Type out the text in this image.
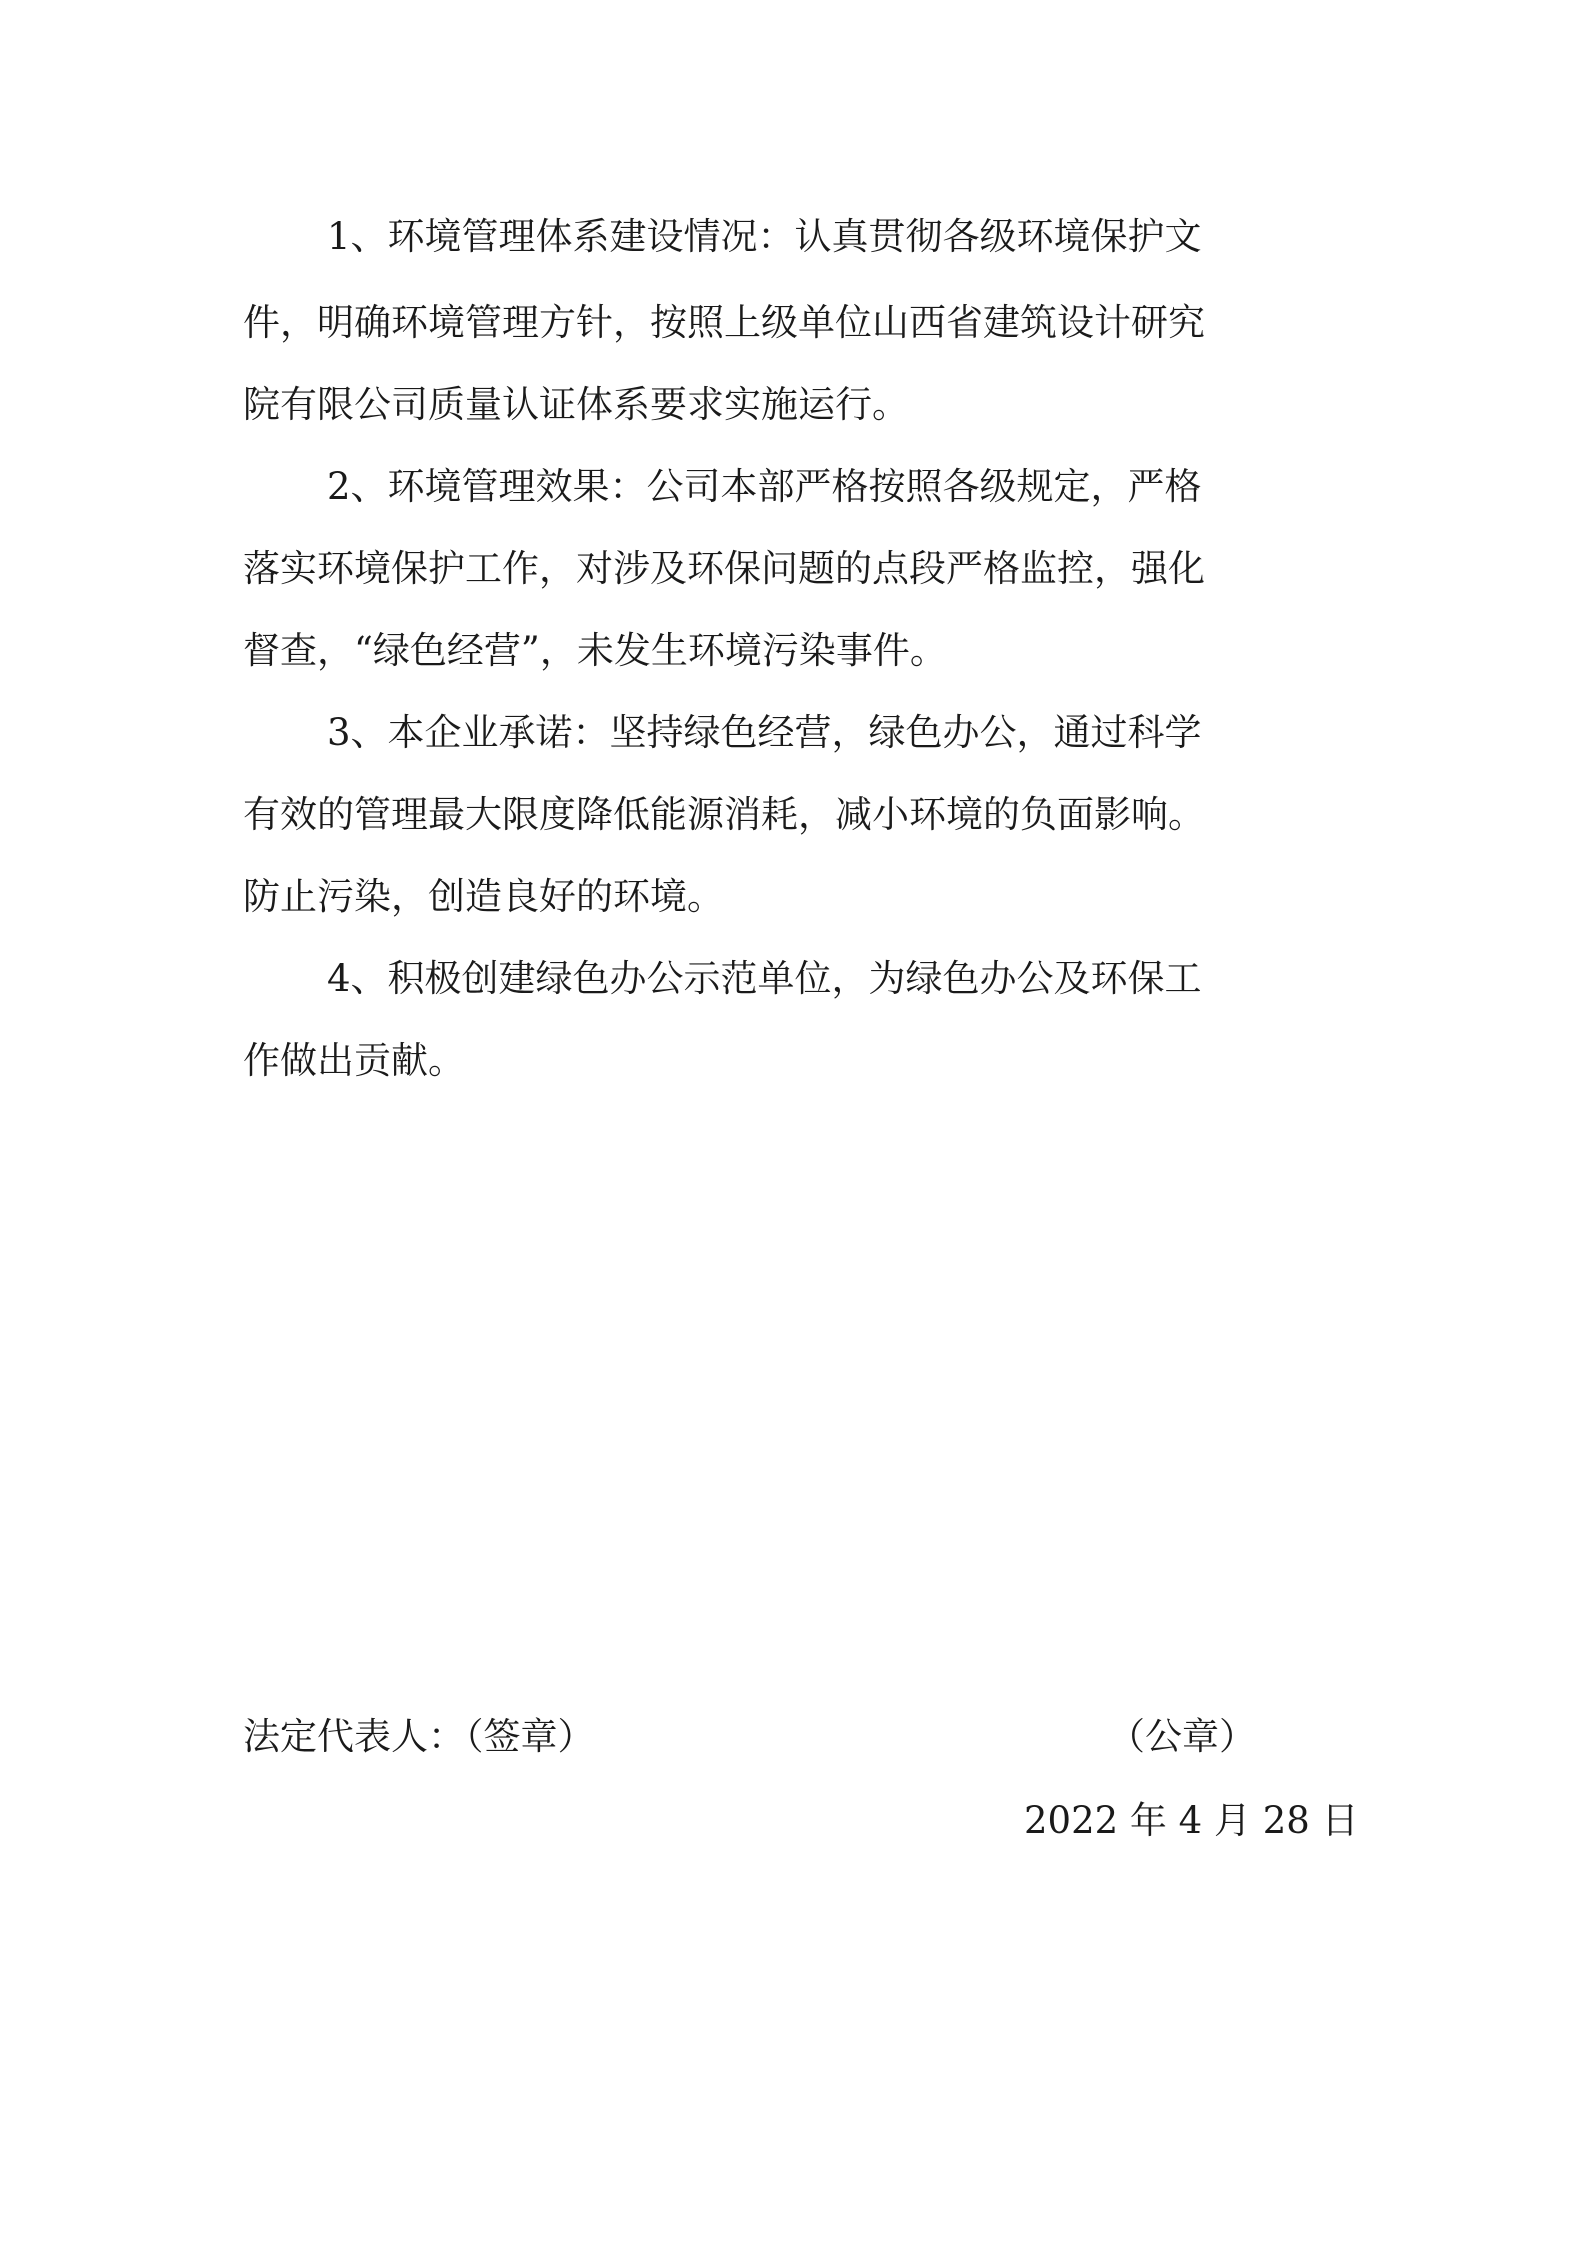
1、环境管理体系建设情况：认真贯彻各级环境保护文
件，明确环境管理方针，按照上级单位山西省建筑设计研究
院有限公司质量认证体系要求实施运行。
2、环境管理效果：公司本部严格按照各级规定，严格
落实环境保护工作，对涉及环保问题的点段严格监控，强化
督查，“绿色经营”，未发生环境污染事件。
3、本企业承诺：坚持绿色经营，绿色办公，通过科学
有效的管理最大限度降低能源消耗，减小环境的负面影响。
防止污染，创造良好的环境。
4、积极创建绿色办公示范单位，为绿色办公及环保工
作做出贡献。
法定代表人：（签章）	（公章）
2022 年 4 月 28 日
